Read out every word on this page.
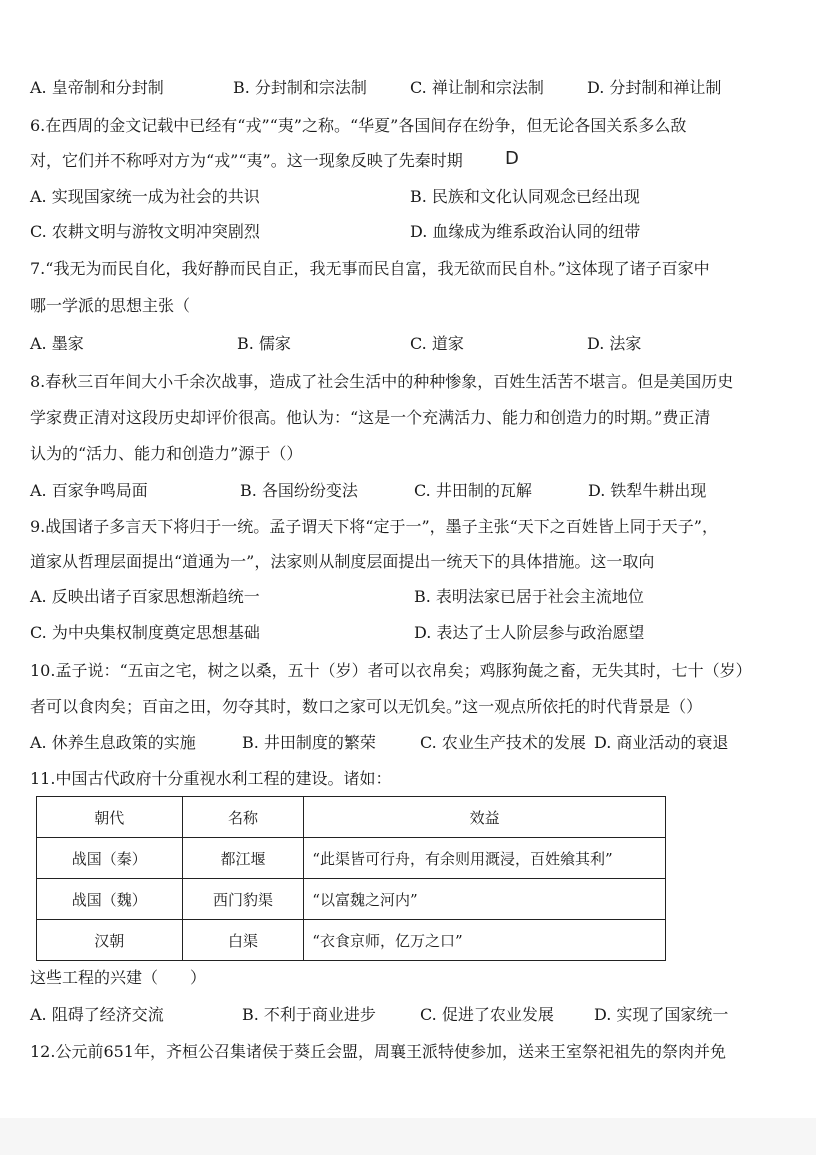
A. 皇帝制和分封制	B. 分封制和宗法制	C. 禅让制和宗法制	D. 分封制和禅让制
6.在西周的金文记载中已经有“戎”“夷”之称。“华夏”各国间存在纷争，但无论各国关系多么敌
对，它们并不称呼对方为“戎”“夷”。这一现象反映了先秦时期	D
A. 实现国家统一成为社会的共识	B. 民族和文化认同观念已经出现
C. 农耕文明与游牧文明冲突剧烈	D. 血缘成为维系政治认同的纽带
7.“我无为而民自化，我好静而民自正，我无事而民自富，我无欲而民自朴。”这体现了诸子百家中
哪一学派的思想主张（
A. 墨家	B. 儒家	C. 道家	D. 法家
8.春秋三百年间大小千余次战事，造成了社会生活中的种种惨象，百姓生活苦不堪言。但是美国历史
学家费正清对这段历史却评价很高。他认为：“这是一个充满活力、能力和创造力的时期。”费正清
认为的“活力、能力和创造力”源于（）
A. 百家争鸣局面	B. 各国纷纷变法	C. 井田制的瓦解	D. 铁犁牛耕出现
9.战国诸子多言天下将归于一统。孟子谓天下将“定于一”，墨子主张“天下之百姓皆上同于天子”，
道家从哲理层面提出“道通为一”，法家则从制度层面提出一统天下的具体措施。这一取向
A. 反映出诸子百家思想渐趋统一	B. 表明法家已居于社会主流地位
C. 为中央集权制度奠定思想基础	D. 表达了士人阶层参与政治愿望
10.孟子说：“五亩之宅，树之以桑，五十（岁）者可以衣帛矣；鸡豚狗彘之畜，无失其时，七十（岁）
者可以食肉矣；百亩之田，勿夺其时，数口之家可以无饥矣。”这一观点所依托的时代背景是（）
A. 休养生息政策的实施	B. 井田制度的繁荣	C. 农业生产技术的发展 D. 商业活动的衰退
11.中国古代政府十分重视水利工程的建设。诸如：
朝代	名称	效益
战国（秦）	都江堰	“此渠皆可行舟，有余则用溉浸，百姓飨其利”
战国（魏）	西门豹渠	“以富魏之河内”
汉朝	白渠	“衣食京师，亿万之口”
这些工程的兴建（　　）
A. 阻碍了经济交流	B. 不利于商业进步	C. 促进了农业发展	D. 实现了国家统一
12.公元前651年，齐桓公召集诸侯于葵丘会盟，周襄王派特使参加，送来王室祭祀祖先的祭肉并免
